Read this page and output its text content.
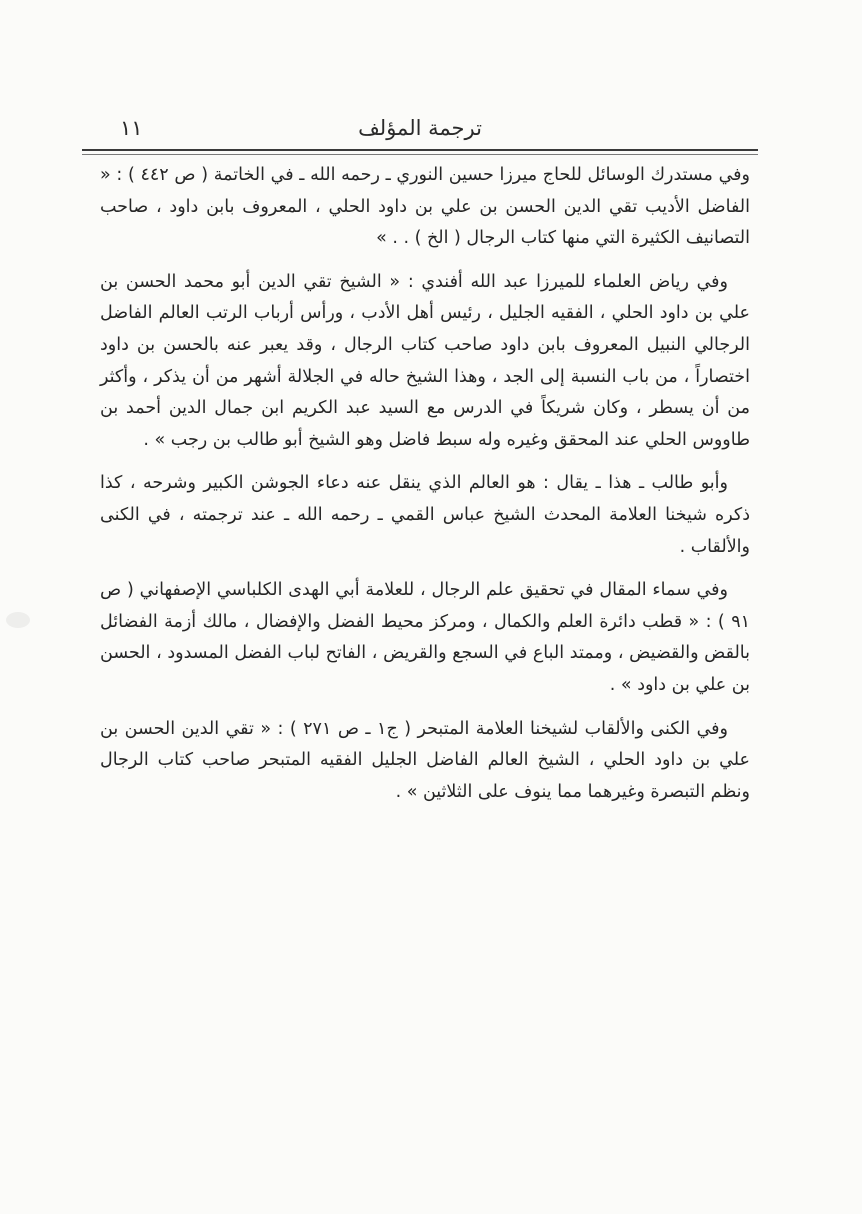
ترجمة المؤلف
١١

وفي مستدرك الوسائل للحاج ميرزا حسين النوري ـ رحمه الله ـ في الخاتمة ( ص ٤٤٢ ) : « الفاضل الأديب تقي الدين الحسن بن علي بن داود الحلي ، المعروف بابن داود ، صاحب التصانيف الكثيرة التي منها كتاب الرجال ( الخ ) . . »

وفي رياض العلماء للميرزا عبد الله أفندي : « الشيخ تقي الدين أبو محمد الحسن بن علي بن داود الحلي ، الفقيه الجليل ، رئيس أهل الأدب ، ورأس أرباب الرتب العالم الفاضل الرجالي النبيل المعروف بابن داود صاحب كتاب الرجال ، وقد يعبر عنه بالحسن بن داود اختصاراً ، من باب النسبة إلى الجد ، وهذا الشيخ حاله في الجلالة أشهر من أن يذكر ، وأكثر من أن يسطر ، وكان شريكاً في الدرس مع السيد عبد الكريم ابن جمال الدين أحمد بن طاووس الحلي عند المحقق وغيره وله سبط فاضل وهو الشيخ أبو طالب بن رجب » .

وأبو طالب ـ هذا ـ يقال : هو العالم الذي ينقل عنه دعاء الجوشن الكبير وشرحه ، كذا ذكره شيخنا العلامة المحدث الشيخ عباس القمي ـ رحمه الله ـ عند ترجمته ، في الكنى والألقاب .

وفي سماء المقال في تحقيق علم الرجال ، للعلامة أبي الهدى الكلباسي الإصفهاني ( ص ٩١ ) : « قطب دائرة العلم والكمال ، ومركز محيط الفضل والإفضال ، مالك أزمة الفضائل بالقض والقضيض ، وممتد الباع في السجع والقريض ، الفاتح لباب الفضل المسدود ، الحسن بن علي بن داود » .

وفي الكنى والألقاب لشيخنا العلامة المتبحر ( ج١ ـ ص ٢٧١ ) : « تقي الدين الحسن بن علي بن داود الحلي ، الشيخ العالم الفاضل الجليل الفقيه المتبحر صاحب كتاب الرجال ونظم التبصرة وغيرهما مما ينوف على الثلاثين » .
